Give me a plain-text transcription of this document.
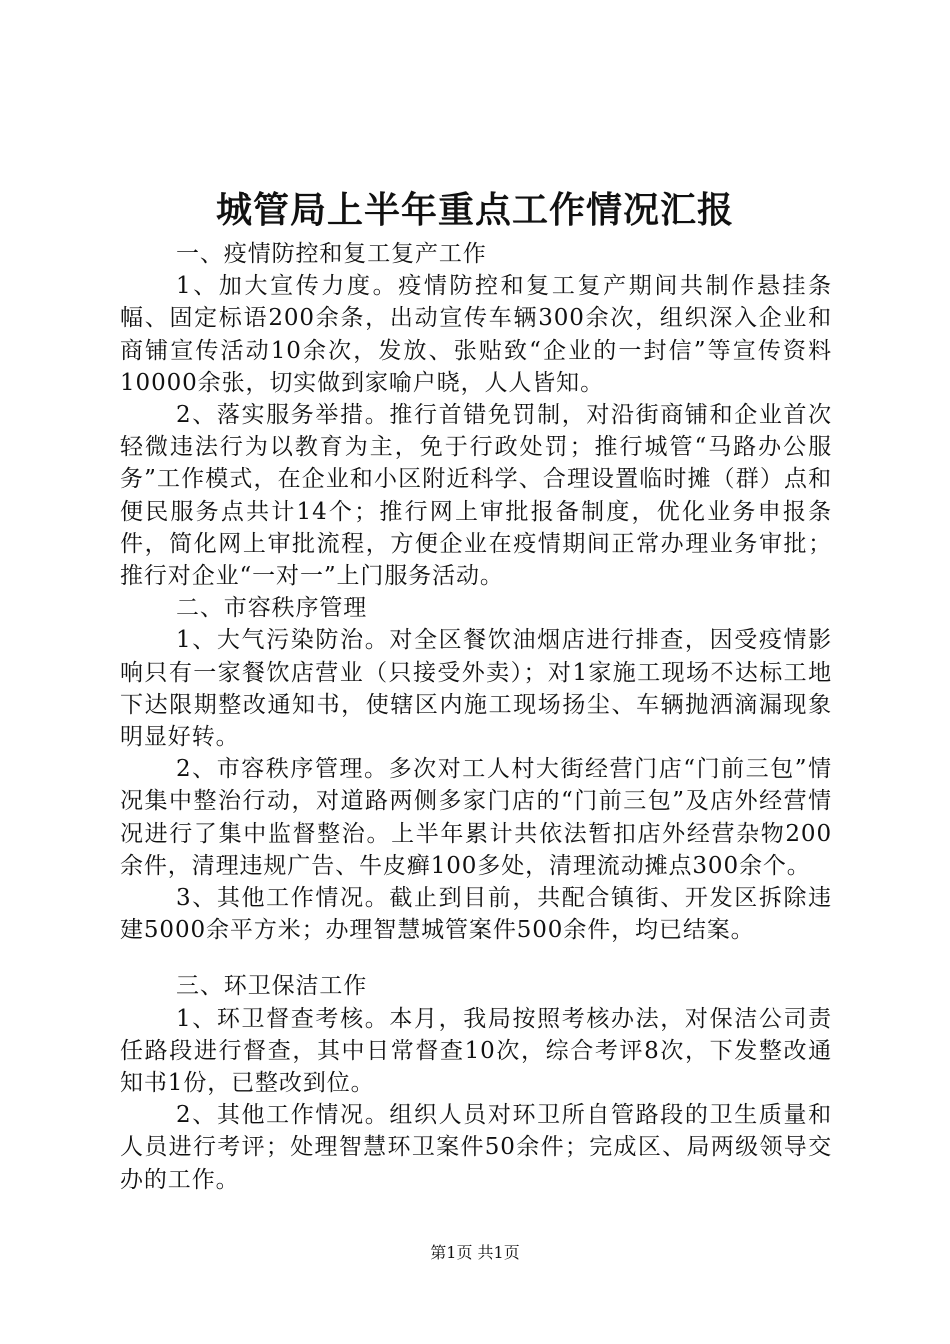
城管局上半年重点工作情况汇报

一、疫情防控和复工复产工作

1、加大宣传力度。疫情防控和复工复产期间共制作悬挂条幅、固定标语200余条，出动宣传车辆300余次，组织深入企业和商铺宣传活动10余次，发放、张贴致“企业的一封信”等宣传资料10000余张，切实做到家喻户晓，人人皆知。

2、落实服务举措。推行首错免罚制，对沿街商铺和企业首次轻微违法行为以教育为主，免于行政处罚；推行城管“马路办公服务”工作模式，在企业和小区附近科学、合理设置临时摊（群）点和便民服务点共计14个；推行网上审批报备制度，优化业务申报条件，简化网上审批流程，方便企业在疫情期间正常办理业务审批；推行对企业“一对一”上门服务活动。

二、市容秩序管理

1、大气污染防治。对全区餐饮油烟店进行排查，因受疫情影响只有一家餐饮店营业（只接受外卖）；对1家施工现场不达标工地下达限期整改通知书，使辖区内施工现场扬尘、车辆抛洒滴漏现象明显好转。

2、市容秩序管理。多次对工人村大街经营门店“门前三包”情况集中整治行动，对道路两侧多家门店的“门前三包”及店外经营情况进行了集中监督整治。上半年累计共依法暂扣店外经营杂物200余件，清理违规广告、牛皮癣100多处，清理流动摊点300余个。

3、其他工作情况。截止到目前，共配合镇街、开发区拆除违建5000余平方米；办理智慧城管案件500余件，均已结案。

三、环卫保洁工作

1、环卫督查考核。本月，我局按照考核办法，对保洁公司责任路段进行督查，其中日常督查10次，综合考评8次，下发整改通知书1份，已整改到位。

2、其他工作情况。组织人员对环卫所自管路段的卫生质量和人员进行考评；处理智慧环卫案件50余件；完成区、局两级领导交办的工作。

第1页 共1页
